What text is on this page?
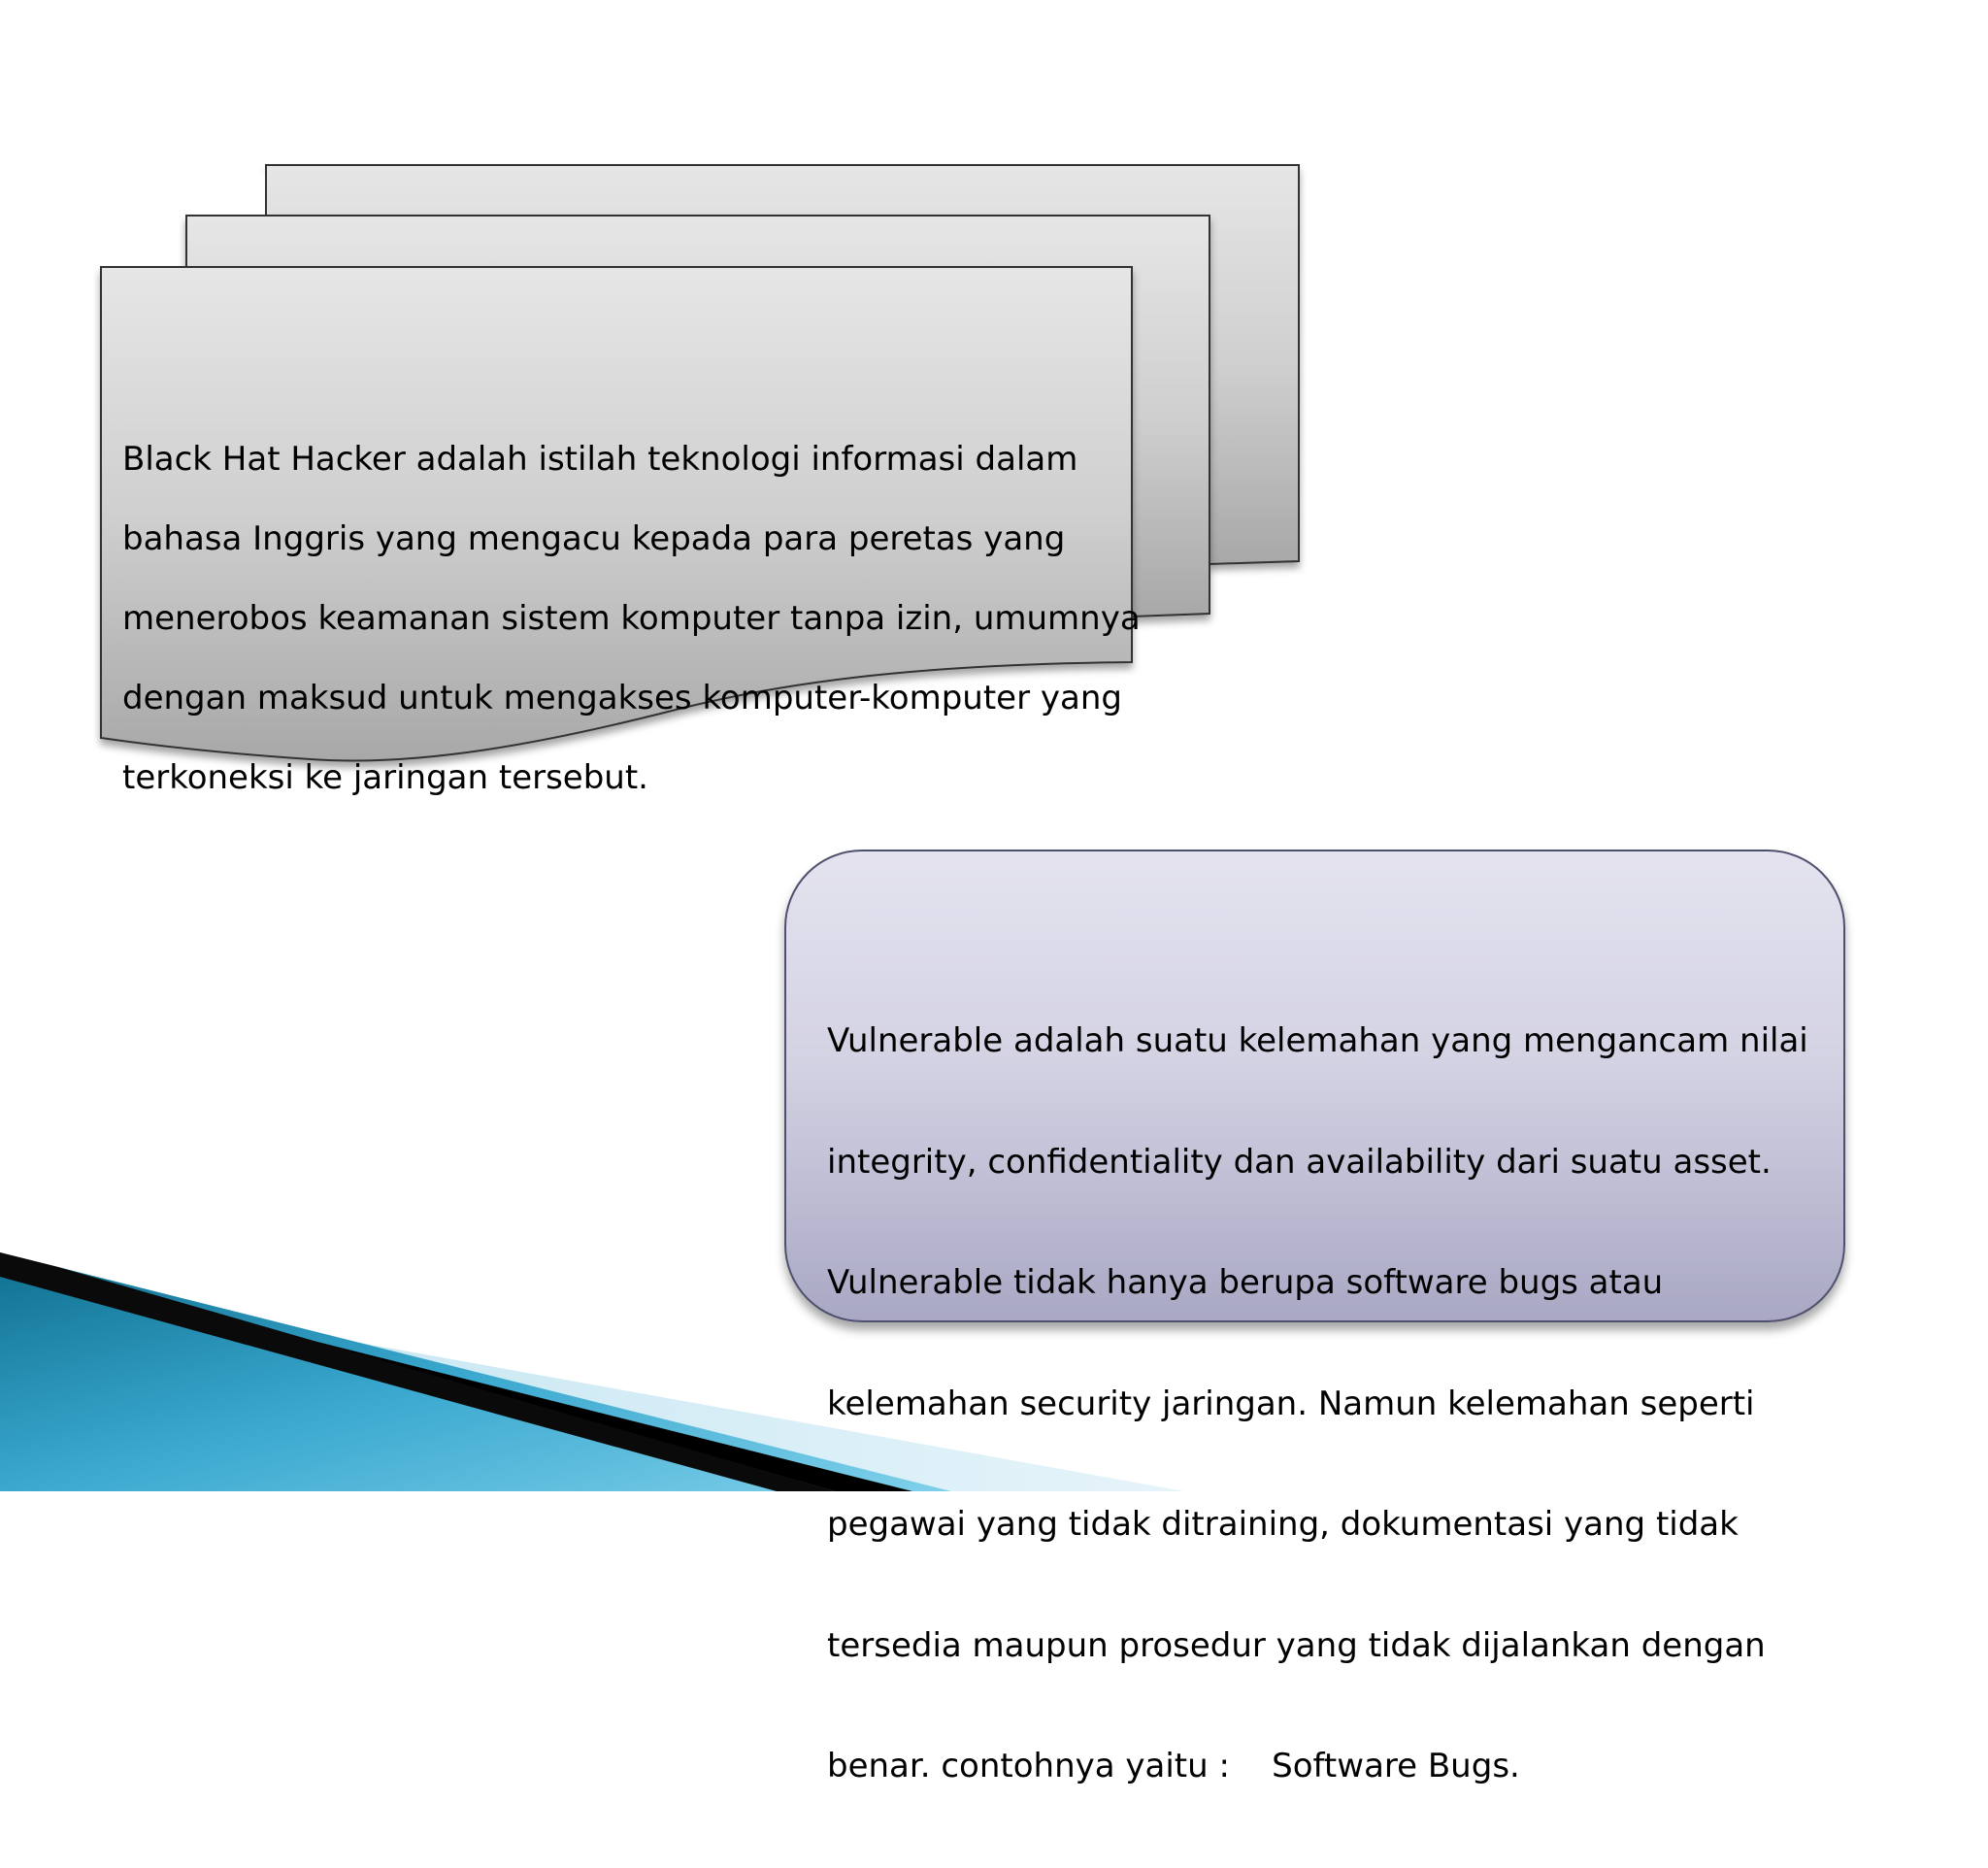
Black Hat Hacker adalah istilah teknologi informasi dalam

bahasa Inggris yang mengacu kepada para peretas yang

menerobos keamanan sistem komputer tanpa izin, umumnya

dengan maksud untuk mengakses komputer-komputer yang

terkoneksi ke jaringan tersebut.

Vulnerable adalah suatu kelemahan yang mengancam nilai

integrity, confidentiality dan availability dari suatu asset.

Vulnerable tidak hanya berupa software bugs atau

kelemahan security jaringan. Namun kelemahan seperti

pegawai yang tidak ditraining, dokumentasi yang tidak

tersedia maupun prosedur yang tidak dijalankan dengan

benar. contohnya yaitu :    Software Bugs.
